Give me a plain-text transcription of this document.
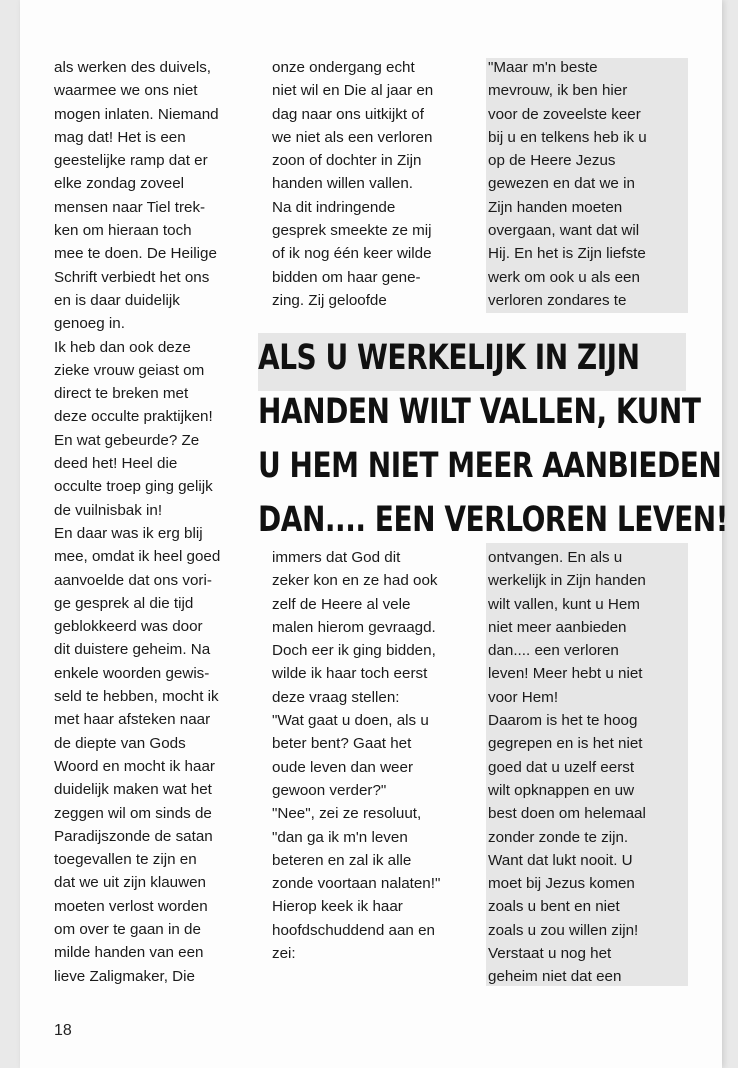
als werken des duivels,
waarmee we ons niet
mogen inlaten. Niemand
mag dat! Het is een
geestelijke ramp dat er
elke zondag zoveel
mensen naar Tiel trek-
ken om hieraan toch
mee te doen. De Heilige
Schrift verbiedt het ons
en is daar duidelijk
genoeg in.
Ik heb dan ook deze
zieke vrouw geiast om
direct te breken met
deze occulte praktijken!
En wat gebeurde? Ze
deed het! Heel die
occulte troep ging gelijk
de vuilnisbak in!
En daar was ik erg blij
mee, omdat ik heel goed
aanvoelde dat ons vori-
ge gesprek al die tijd
geblokkeerd was door
dit duistere geheim. Na
enkele woorden gewis-
seld te hebben, mocht ik
met haar afsteken naar
de diepte van Gods
Woord en mocht ik haar
duidelijk maken wat het
zeggen wil om sinds de
Paradijszonde de satan
toegevallen te zijn en
dat we uit zijn klauwen
moeten verlost worden
om over te gaan in de
milde handen van een
lieve Zaligmaker, Die
onze ondergang echt
niet wil en Die al jaar en
dag naar ons uitkijkt of
we niet als een verloren
zoon of dochter in Zijn
handen willen vallen.
Na dit indringende
gesprek smeekte ze mij
of ik nog één keer wilde
bidden om haar gene-
zing. Zij geloofde
"Maar m'n beste
mevrouw, ik ben hier
voor de zoveelste keer
bij u en telkens heb ik u
op de Heere Jezus
gewezen en dat we in
Zijn handen moeten
overgaan, want dat wil
Hij. En het is Zijn liefste
werk om ook u als een
verloren zondares te
ALS U WERKELIJK IN ZIJN
HANDEN WILT VALLEN, KUNT
U HEM NIET MEER AANBIEDEN
DAN.... EEN VERLOREN LEVEN!
immers dat God dit
zeker kon en ze had ook
zelf de Heere al vele
malen hierom gevraagd.
Doch eer ik ging bidden,
wilde ik haar toch eerst
deze vraag stellen:
"Wat gaat u doen, als u
beter bent? Gaat het
oude leven dan weer
gewoon verder?"
"Nee", zei ze resoluut,
"dan ga ik m'n leven
beteren en zal ik alle
zonde voortaan nalaten!"
Hierop keek ik haar
hoofdschuddend aan en
zei:
ontvangen. En als u
werkelijk in Zijn handen
wilt vallen, kunt u Hem
niet meer aanbieden
dan.... een verloren
leven! Meer hebt u niet
voor Hem!
Daarom is het te hoog
gegrepen en is het niet
goed dat u uzelf eerst
wilt opknappen en uw
best doen om helemaal
zonder zonde te zijn.
Want dat lukt nooit. U
moet bij Jezus komen
zoals u bent en niet
zoals u zou willen zijn!
Verstaat u nog het
geheim niet dat een
18
